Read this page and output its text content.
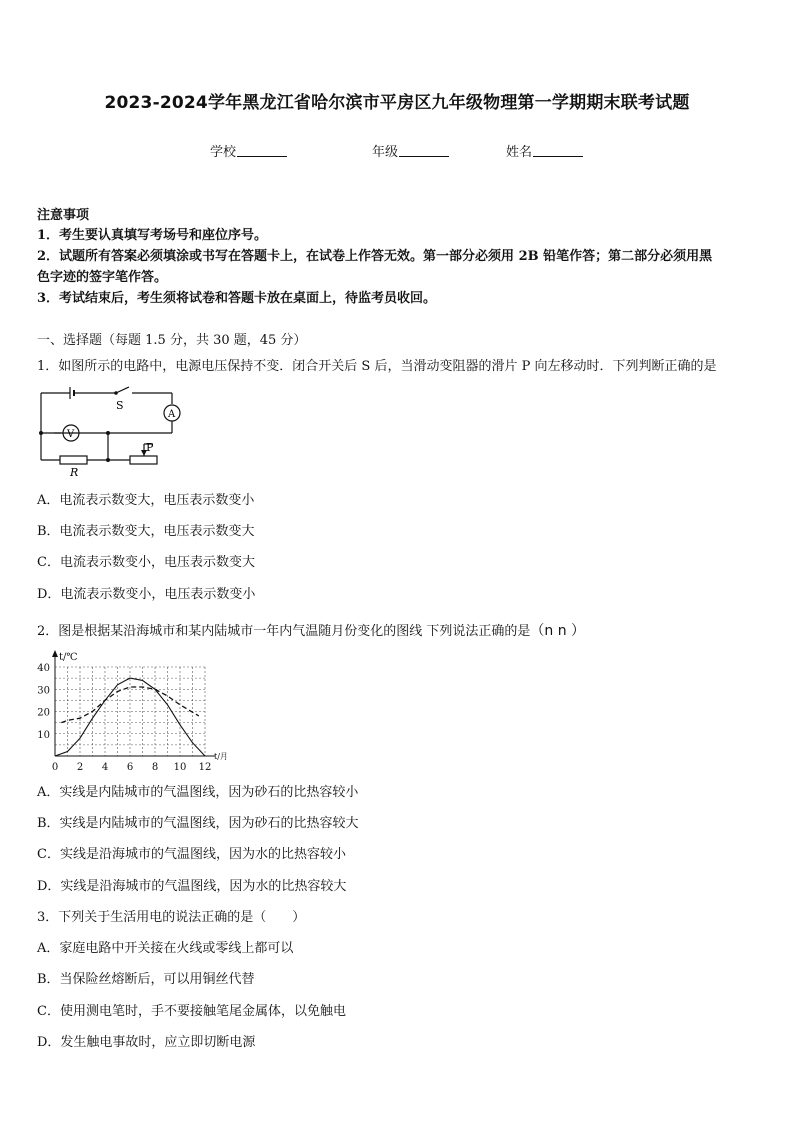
2023-2024学年黑龙江省哈尔滨市平房区九年级物理第一学期期末联考试题
学校	年级	姓名
注意事项
1．考生要认真填写考场号和座位序号。
2．试题所有答案必须填涂或书写在答题卡上，在试卷上作答无效。第一部分必须用 2B 铅笔作答；第二部分必须用黑
色字迹的签字笔作答。
3．考试结束后，考生须将试卷和答题卡放在桌面上，待监考员收回。
一、选择题（每题 1.5 分，共 30 题，45 分）
1．如图所示的电路中，电源电压保持不变．闭合开关后 S 后，当滑动变阻器的滑片 P 向左移动时．下列判断正确的是
S
A
V
P
R
A．电流表示数变大，电压表示数变小
B．电流表示数变大，电压表示数变大
C．电流表示数变小，电压表示数变大
D．电流表示数变小，电压表示数变小
2．图是根据某沿海城市和某内陆城市一年内气温随月份变化的图线 下列说法正确的是（n n ）
0 2 4 6 8 10 12
10
20
30
40
t/℃
t/月
A．实线是内陆城市的气温图线，因为砂石的比热容较小
B．实线是内陆城市的气温图线，因为砂石的比热容较大
C．实线是沿海城市的气温图线，因为水的比热容较小
D．实线是沿海城市的气温图线，因为水的比热容较大
3．下列关于生活用电的说法正确的是（　　）
A．家庭电路中开关接在火线或零线上都可以
B．当保险丝熔断后，可以用铜丝代替
C．使用测电笔时，手不要接触笔尾金属体，以免触电
D．发生触电事故时，应立即切断电源
